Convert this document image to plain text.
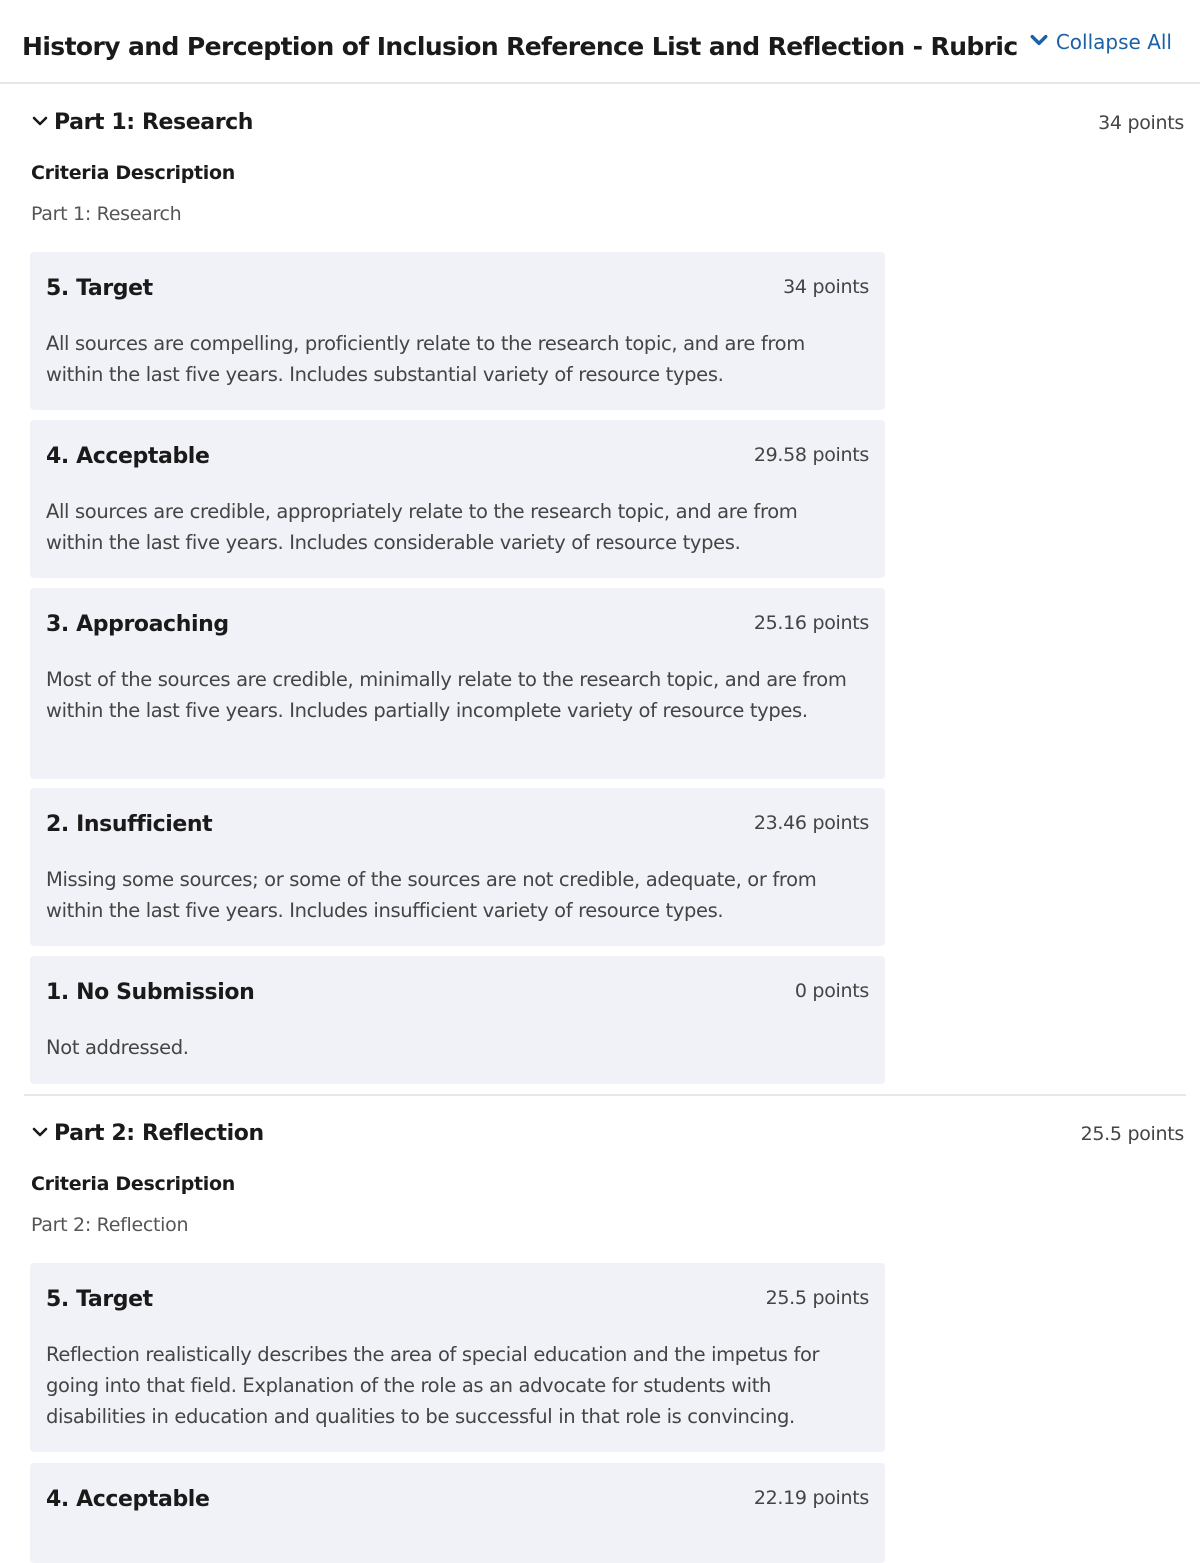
History and Perception of Inclusion Reference List and Reflection - Rubric Collapse All
Part 1: Research	34 points
Criteria Description
Part 1: Research
5. Target	34 points
All sources are compelling, proficiently relate to the research topic, and are from within the last five years. Includes substantial variety of resource types.
4. Acceptable	29.58 points
All sources are credible, appropriately relate to the research topic, and are from within the last five years. Includes considerable variety of resource types.
3. Approaching	25.16 points
Most of the sources are credible, minimally relate to the research topic, and are from within the last five years. Includes partially incomplete variety of resource types.
2. Insufficient	23.46 points
Missing some sources; or some of the sources are not credible, adequate, or from within the last five years. Includes insufficient variety of resource types.
1. No Submission	0 points
Not addressed.
Part 2: Reflection	25.5 points
Criteria Description
Part 2: Reflection
5. Target	25.5 points
Reflection realistically describes the area of special education and the impetus for going into that field. Explanation of the role as an advocate for students with disabilities in education and qualities to be successful in that role is convincing.
4. Acceptable	22.19 points
